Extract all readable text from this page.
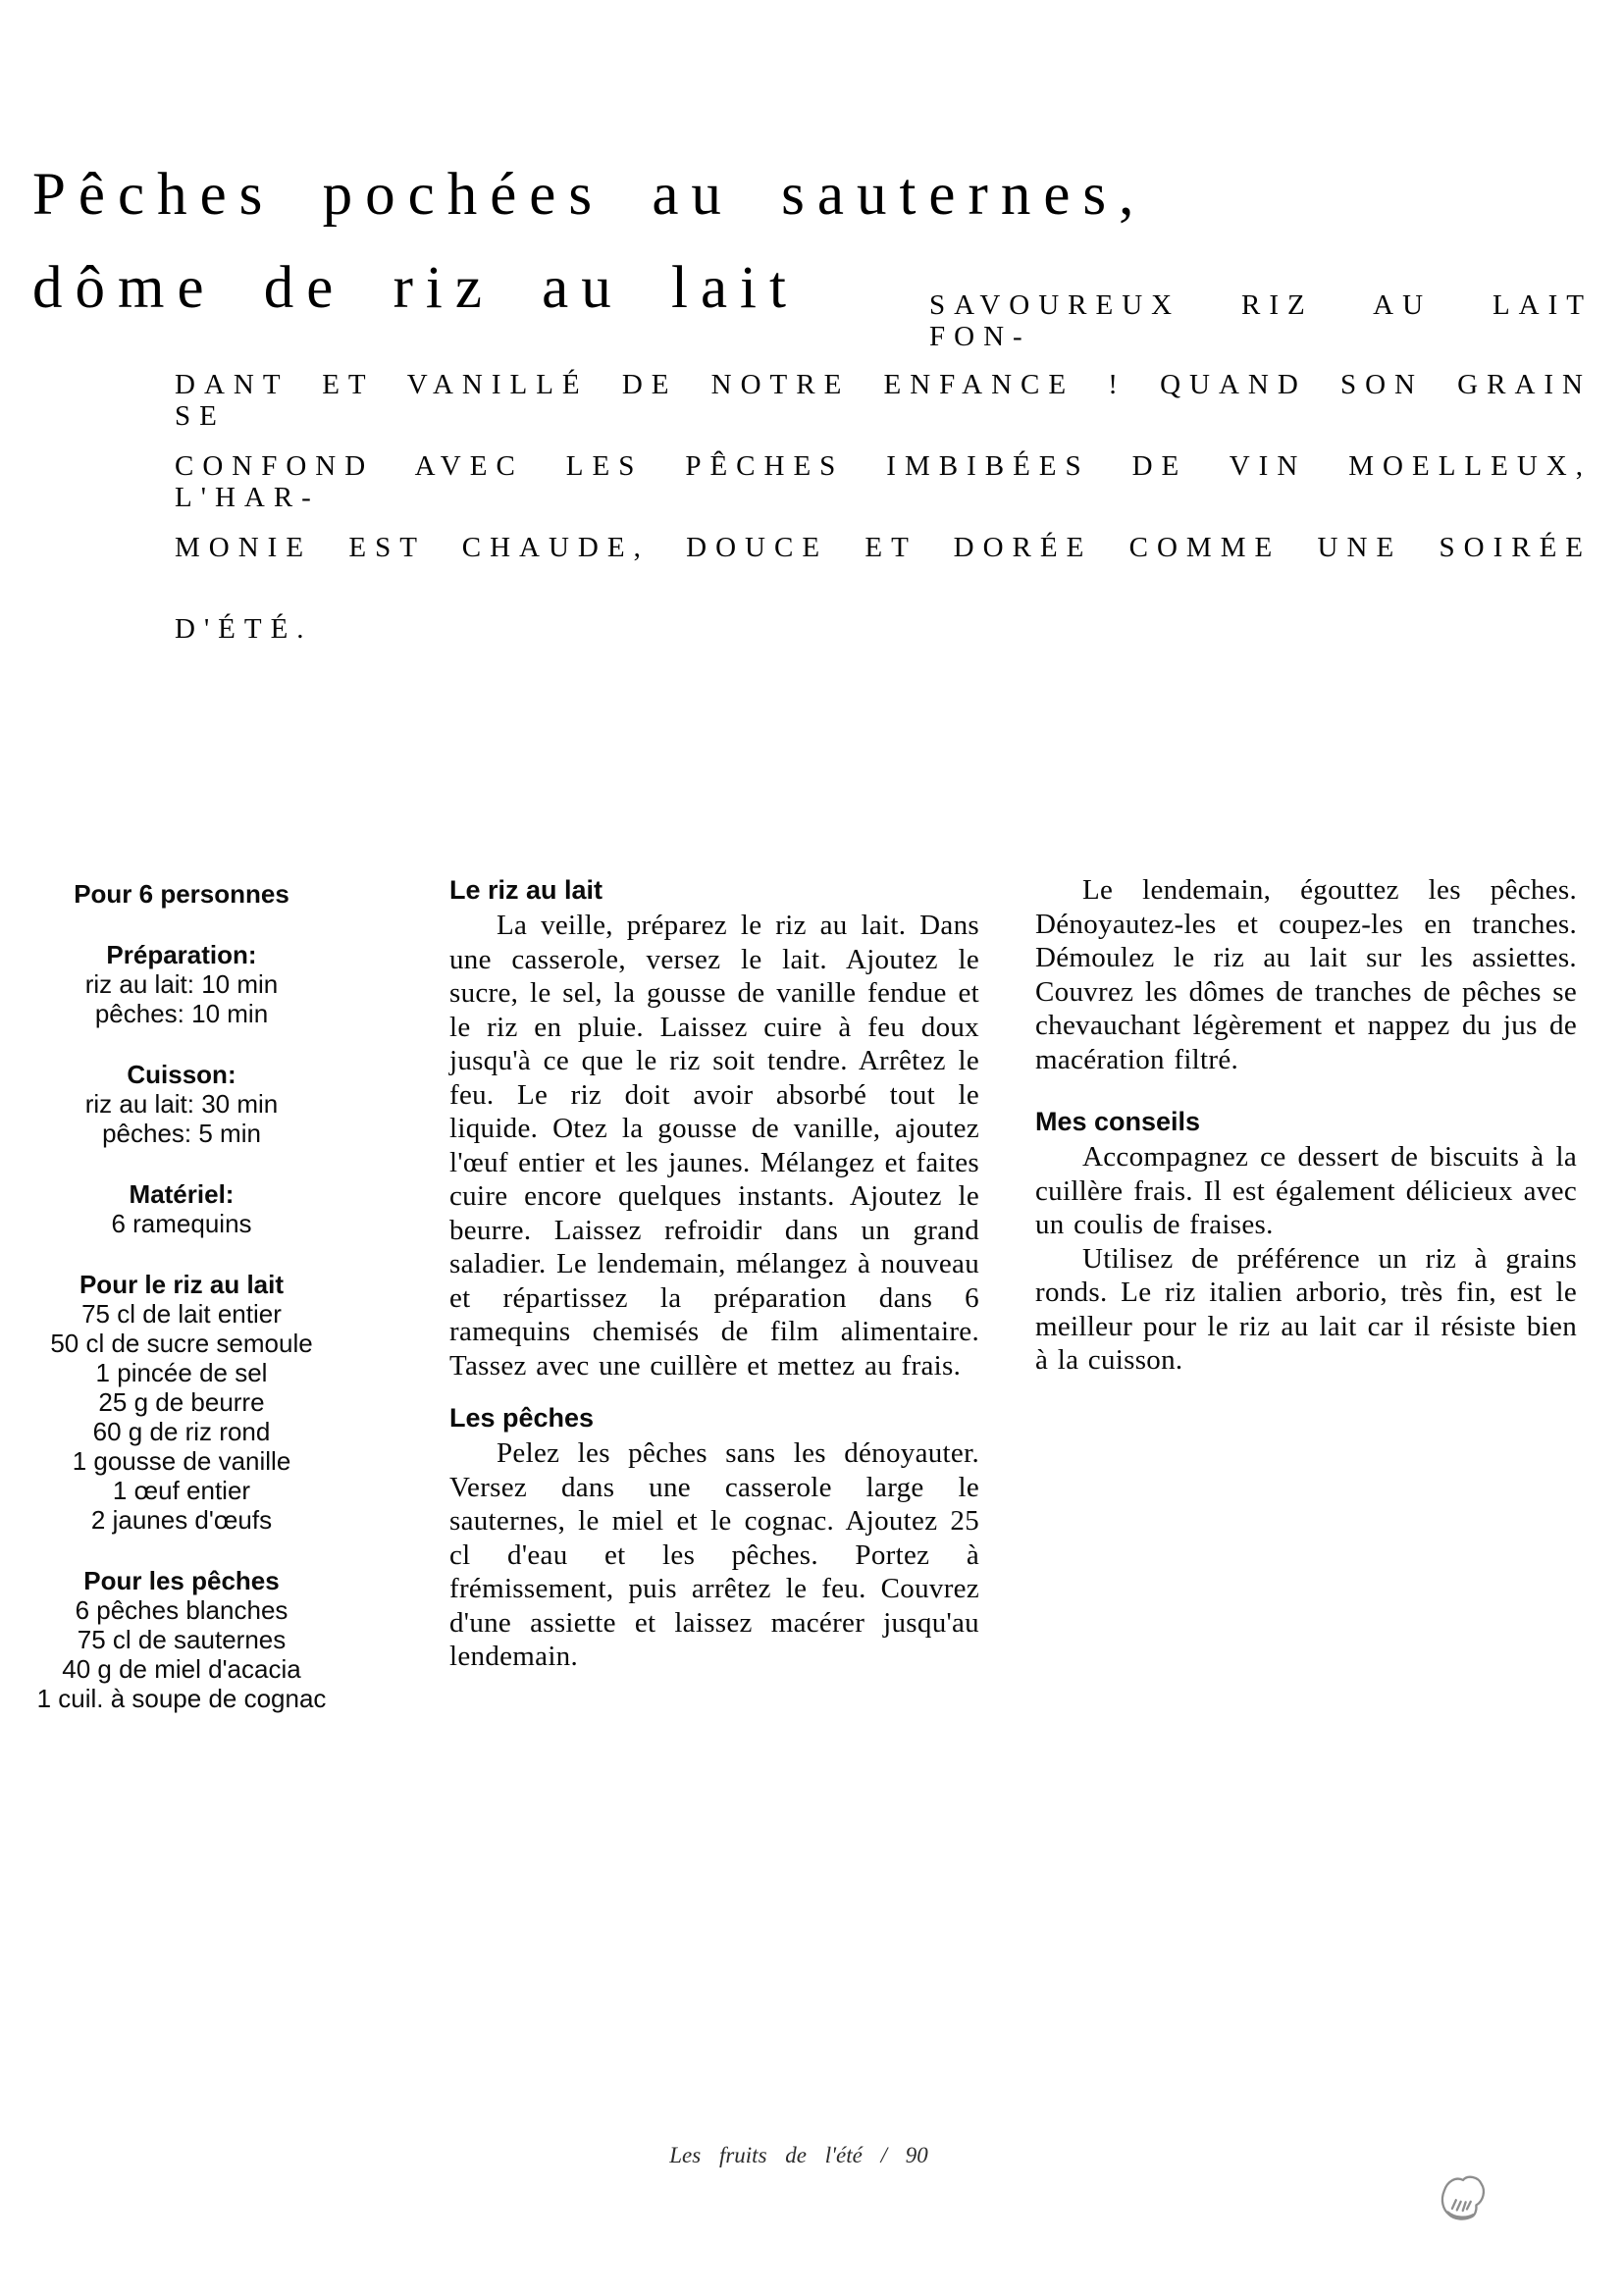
Pêches pochées au sauternes,
dôme de riz au lait	SAVOUREUX RIZ AU LAIT FON-
DANT ET VANILLÉ DE NOTRE ENFANCE ! QUAND SON GRAIN SE
CONFOND AVEC LES PÊCHES IMBIBÉES DE VIN MOELLEUX, L'HAR-
MONIE EST CHAUDE, DOUCE ET DORÉE COMME UNE SOIRÉE
D'ÉTÉ.
Pour 6 personnes
Préparation:
riz au lait: 10 min
pêches: 10 min
Cuisson:
riz au lait: 30 min
pêches: 5 min
Matériel:
6 ramequins
Pour le riz au lait
75 cl de lait entier
50 cl de sucre semoule
1 pincée de sel
25 g de beurre
60 g de riz rond
1 gousse de vanille
1 œuf entier
2 jaunes d'œufs
Pour les pêches
6 pêches blanches
75 cl de sauternes
40 g de miel d'acacia
1 cuil. à soupe de cognac
Le riz au lait

La veille, préparez le riz au lait. Dans une casserole, versez le lait. Ajoutez le sucre, le sel, la gousse de vanille fendue et le riz en pluie. Laissez cuire à feu doux jusqu'à ce que le riz soit tendre. Arrêtez le feu. Le riz doit avoir absorbé tout le liquide. Otez la gousse de vanille, ajoutez l'œuf entier et les jaunes. Mélangez et faites cuire encore quelques instants. Ajoutez le beurre. Laissez refroidir dans un grand saladier. Le lendemain, mélangez à nouveau et répartissez la préparation dans 6 ramequins chemisés de film alimentaire. Tassez avec une cuillère et mettez au frais.

Les pêches

Pelez les pêches sans les dénoyauter. Versez dans une casserole large le sauternes, le miel et le cognac. Ajoutez 25 cl d'eau et les pêches. Portez à frémissement, puis arrêtez le feu. Couvrez d'une assiette et laissez macérer jusqu'au lendemain.

Le lendemain, égouttez les pêches. Dénoyautez-les et coupez-les en tranches. Démoulez le riz au lait sur les assiettes. Couvrez les dômes de tranches de pêches se chevauchant légèrement et nappez du jus de macération filtré.

Mes conseils

Accompagnez ce dessert de biscuits à la cuillère frais. Il est également délicieux avec un coulis de fraises.

Utilisez de préférence un riz à grains ronds. Le riz italien arborio, très fin, est le meilleur pour le riz au lait car il résiste bien à la cuisson.

Les fruits de l'été / 90
